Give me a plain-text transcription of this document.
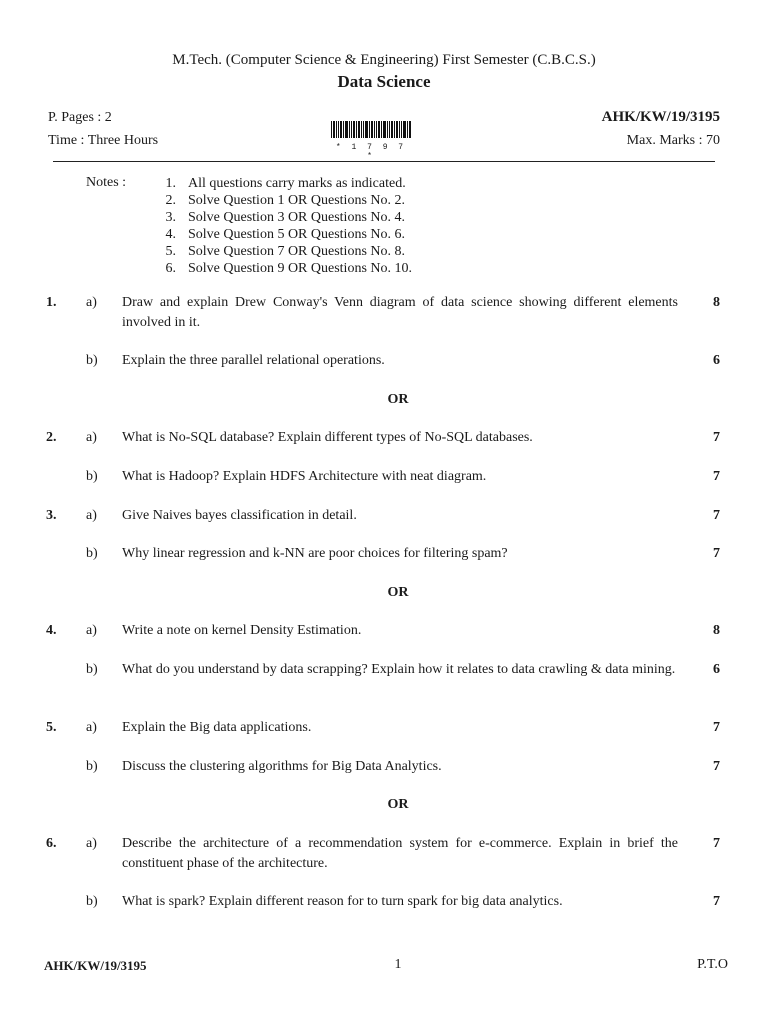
M.Tech. (Computer Science & Engineering) First Semester (C.B.C.S.)
Data Science
P. Pages : 2
Time : Three Hours
AHK/KW/19/3195
Max. Marks : 70
* 1 7 9 7 *
Notes :	1. All questions carry marks as indicated.
2. Solve Question 1 OR Questions No. 2.
3. Solve Question 3 OR Questions No. 4.
4. Solve Question 5 OR Questions No. 6.
5. Solve Question 7 OR Questions No. 8.
6. Solve Question 9 OR Questions No. 10.
1. a) Draw and explain Drew Conway's Venn diagram of data science showing different elements involved in it.
8
b) Explain the three parallel relational operations.	6
OR
2. a) What is No-SQL database? Explain different types of No-SQL databases.	7
b) What is Hadoop? Explain HDFS Architecture with neat diagram.	7
3. a) Give Naives bayes classification in detail.	7
b) Why linear regression and k-NN are poor choices for filtering spam?	7
OR
4. a) Write a note on kernel Density Estimation.	8
b) What do you understand by data scrapping? Explain how it relates to data crawling & data mining.	6
5. a) Explain the Big data applications.	7
b) Discuss the clustering algorithms for Big Data Analytics.	7
OR
6. a) Describe the architecture of a recommendation system for e-commerce. Explain in brief the constituent phase of the architecture.
7
b) What is spark? Explain different reason for to turn spark for big data analytics.	7
AHK/KW/19/3195	1	P.T.O
